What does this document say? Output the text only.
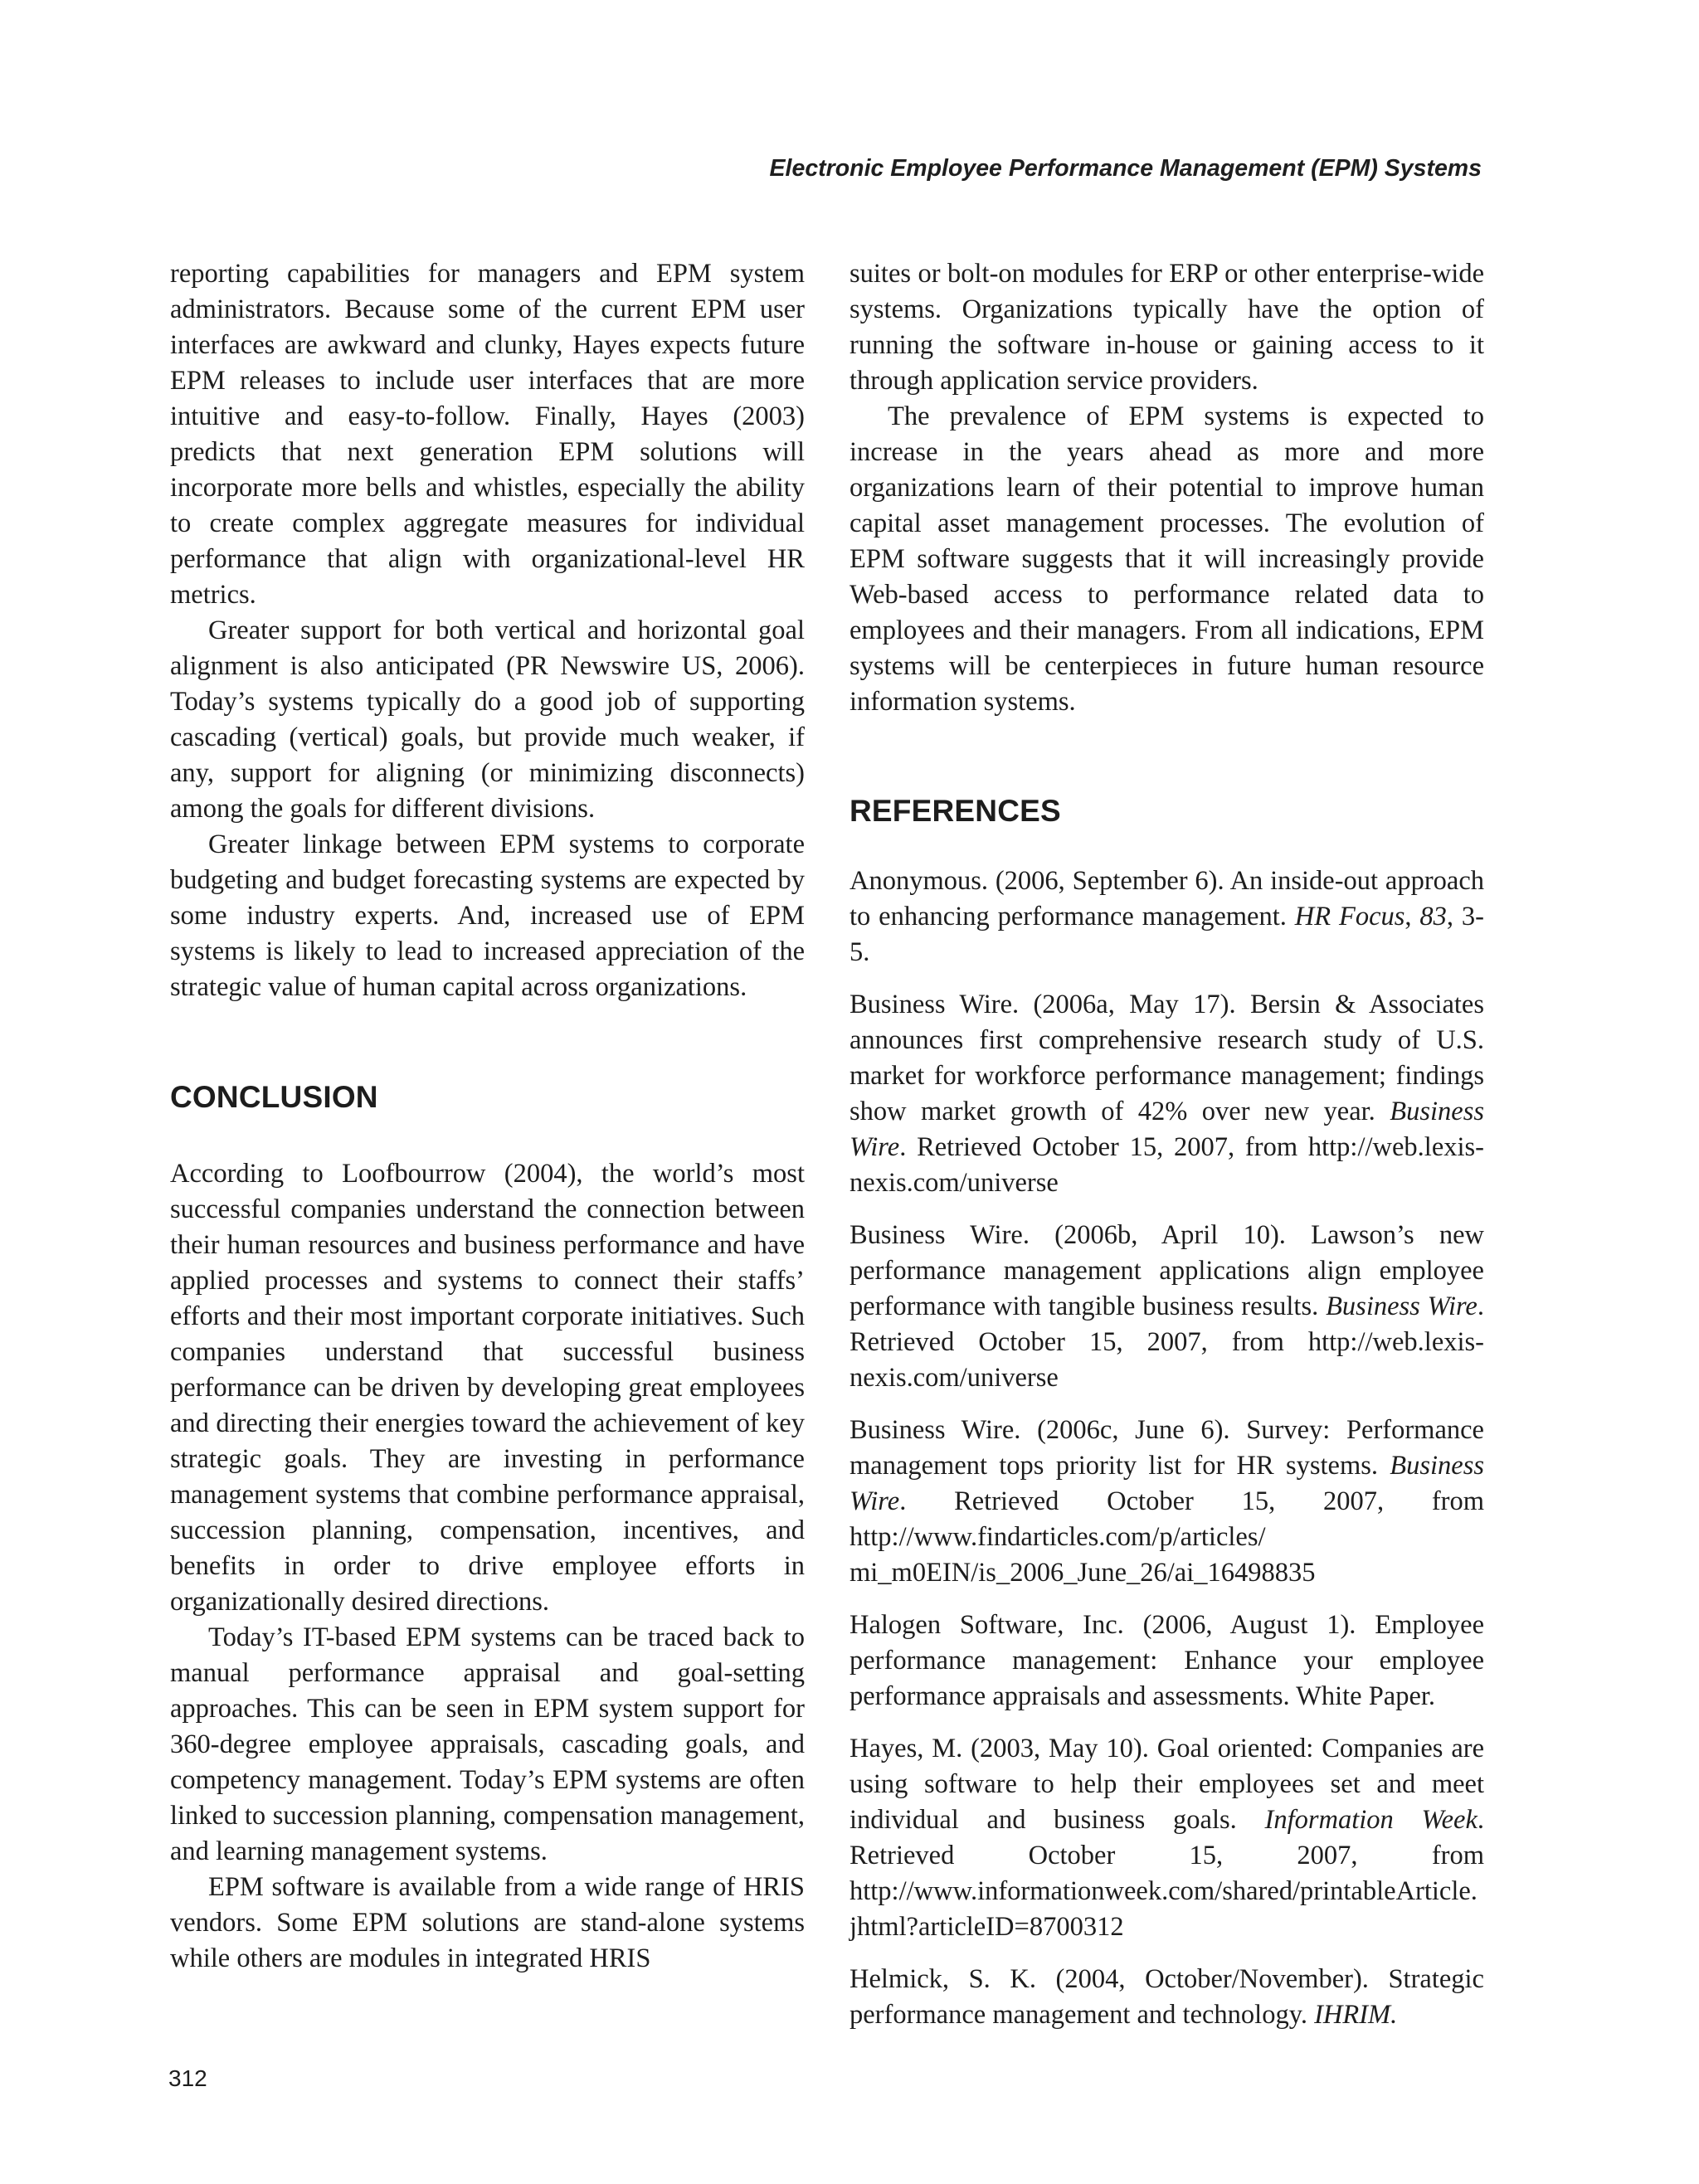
Electronic Employee Performance Management (EPM) Systems

reporting capabilities for managers and EPM system administrators. Because some of the current EPM user interfaces are awkward and clunky, Hayes expects future EPM releases to include user interfaces that are more intuitive and easy-to-follow. Finally, Hayes (2003) predicts that next generation EPM solutions will incorporate more bells and whistles, especially the ability to create complex aggregate measures for individual performance that align with organizational-level HR metrics.

Greater support for both vertical and horizontal goal alignment is also anticipated (PR Newswire US, 2006). Today’s systems typically do a good job of supporting cascading (vertical) goals, but provide much weaker, if any, support for aligning (or minimizing disconnects) among the goals for different divisions.

Greater linkage between EPM systems to corporate budgeting and budget forecasting systems are expected by some industry experts. And, increased use of EPM systems is likely to lead to increased appreciation of the strategic value of human capital across organizations.

CONCLUSION

According to Loofbourrow (2004), the world’s most successful companies understand the connection between their human resources and business performance and have applied processes and systems to connect their staffs’ efforts and their most important corporate initiatives. Such companies understand that successful business performance can be driven by developing great employees and directing their energies toward the achievement of key strategic goals. They are investing in performance management systems that combine performance appraisal, succession planning, compensation, incentives, and benefits in order to drive employee efforts in organizationally desired directions.

Today’s IT-based EPM systems can be traced back to manual performance appraisal and goal-setting approaches. This can be seen in EPM system support for 360-degree employee appraisals, cascading goals, and competency management. Today’s EPM systems are often linked to succession planning, compensation management, and learning management systems.

EPM software is available from a wide range of HRIS vendors. Some EPM solutions are stand-alone systems while others are modules in integrated HRIS

suites or bolt-on modules for ERP or other enterprise-wide systems. Organizations typically have the option of running the software in-house or gaining access to it through application service providers.

The prevalence of EPM systems is expected to increase in the years ahead as more and more organizations learn of their potential to improve human capital asset management processes. The evolution of EPM software suggests that it will increasingly provide Web-based access to performance related data to employees and their managers. From all indications, EPM systems will be centerpieces in future human resource information systems.

REFERENCES
Anonymous. (2006, September 6). An inside-out approach to enhancing performance management. HR Focus, 83, 3-5.
Business Wire. (2006a, May 17). Bersin & Associates announces first comprehensive research study of U.S. market for workforce performance management; findings show market growth of 42% over new year. Business Wire. Retrieved October 15, 2007, from http://web.lexis-nexis.com/universe
Business Wire. (2006b, April 10). Lawson’s new performance management applications align employee performance with tangible business results. Business Wire. Retrieved October 15, 2007, from http://web.lexis-nexis.com/universe
Business Wire. (2006c, June 6). Survey: Performance management tops priority list for HR systems. Business Wire. Retrieved October 15, 2007, from http://www.findarticles.com/p/articles/ mi_m0EIN/is_2006_June_26/ai_16498835
Halogen Software, Inc. (2006, August 1). Employee performance management: Enhance your employee performance appraisals and assessments. White Paper.
Hayes, M. (2003, May 10). Goal oriented: Companies are using software to help their employees set and meet individual and business goals. Information Week. Retrieved October 15, 2007, from http://www.informationweek.com/shared/printableArticle.jhtml?articleID=8700312
Helmick, S. K. (2004, October/November). Strategic performance management and technology. IHRIM.
312
